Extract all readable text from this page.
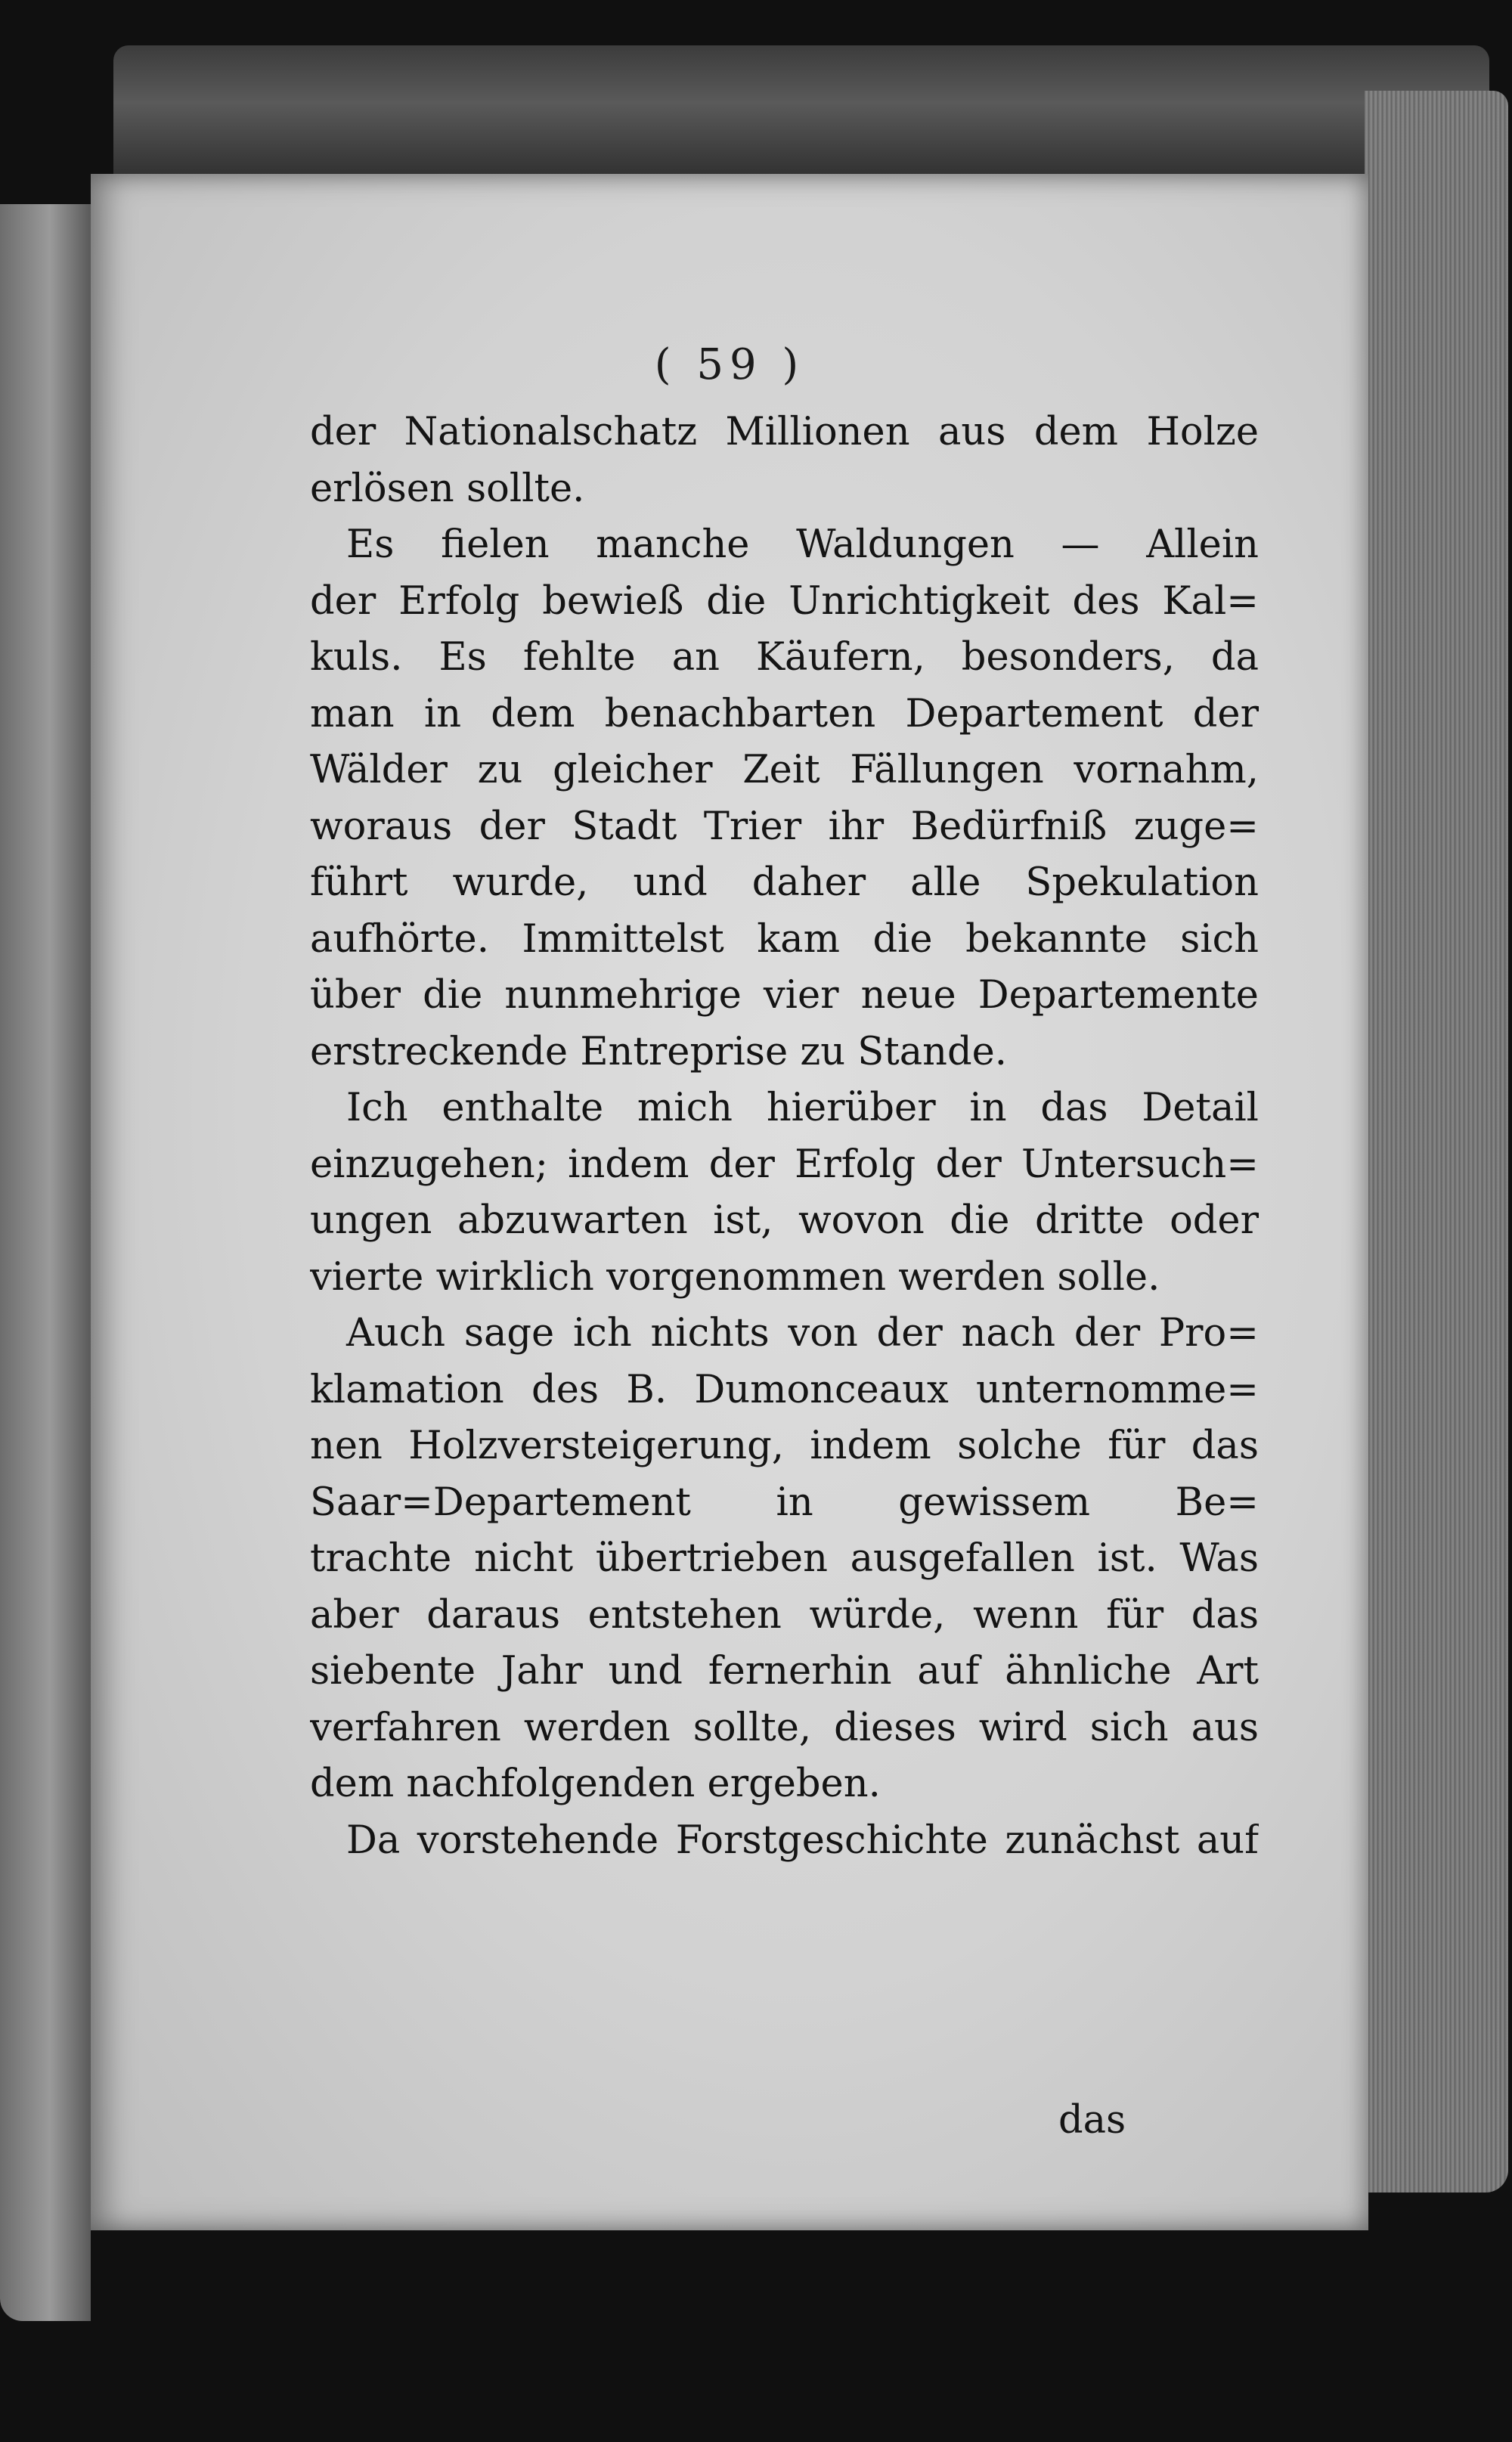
( 59 )
der Nationalschatz Millionen aus dem Holze
erlösen sollte.
Es fielen manche Waldungen — Allein
der Erfolg bewieß die Unrichtigkeit des Kal=
kuls. Es fehlte an Käufern, besonders, da
man in dem benachbarten Departement der
Wälder zu gleicher Zeit Fällungen vornahm,
woraus der Stadt Trier ihr Bedürfniß zuge=
führt wurde, und daher alle Spekulation
aufhörte. Immittelst kam die bekannte sich
über die nunmehrige vier neue Departemente
erstreckende Entreprise zu Stande.
Ich enthalte mich hierüber in das Detail
einzugehen; indem der Erfolg der Untersuch=
ungen abzuwarten ist, wovon die dritte oder
vierte wirklich vorgenommen werden solle.
Auch sage ich nichts von der nach der Pro=
klamation des B. Dumonceaux unternomme=
nen Holzversteigerung, indem solche für das
Saar=Departement in gewissem Be=
trachte nicht übertrieben ausgefallen ist. Was
aber daraus entstehen würde, wenn für das
siebente Jahr und fernerhin auf ähnliche Art
verfahren werden sollte, dieses wird sich aus
dem nachfolgenden ergeben.
Da vorstehende Forstgeschichte zunächst auf
das
